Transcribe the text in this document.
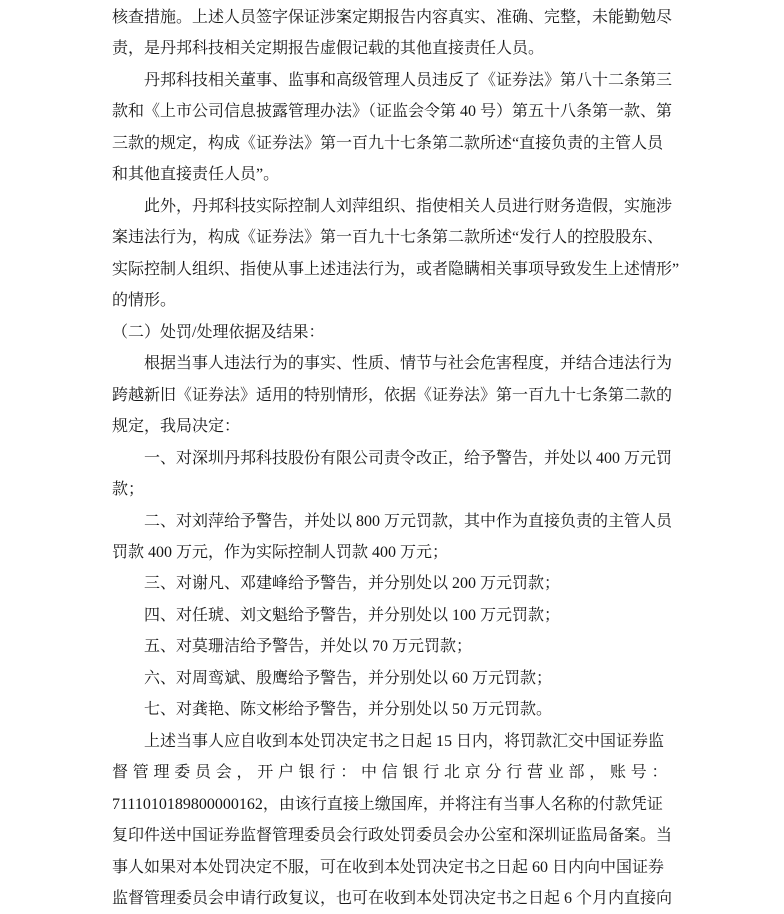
核查措施。上述人员签字保证涉案定期报告内容真实、准确、完整，未能勤勉尽
责，是丹邦科技相关定期报告虚假记载的其他直接责任人员。
丹邦科技相关董事、监事和高级管理人员违反了《证券法》第八十二条第三
款和《上市公司信息披露管理办法》（证监会令第 40 号）第五十八条第一款、第
三款的规定，构成《证券法》第一百九十七条第二款所述“直接负责的主管人员
和其他直接责任人员”。
此外，丹邦科技实际控制人刘萍组织、指使相关人员进行财务造假，实施涉
案违法行为，构成《证券法》第一百九十七条第二款所述“发行人的控股股东、
实际控制人组织、指使从事上述违法行为，或者隐瞒相关事项导致发生上述情形”
的情形。
（二）处罚/处理依据及结果：
根据当事人违法行为的事实、性质、情节与社会危害程度，并结合违法行为
跨越新旧《证券法》适用的特别情形，依据《证券法》第一百九十七条第二款的
规定，我局决定：
一、对深圳丹邦科技股份有限公司责令改正，给予警告，并处以 400 万元罚
款；
二、对刘萍给予警告，并处以 800 万元罚款，其中作为直接负责的主管人员
罚款 400 万元，作为实际控制人罚款 400 万元；
三、对谢凡、邓建峰给予警告，并分别处以 200 万元罚款；
四、对任琥、刘文魁给予警告，并分别处以 100 万元罚款；
五、对莫珊洁给予警告，并处以 70 万元罚款；
六、对周鸾斌、殷鹰给予警告，并分别处以 60 万元罚款；
七、对龚艳、陈文彬给予警告，并分别处以 50 万元罚款。
上述当事人应自收到本处罚决定书之日起 15 日内，将罚款汇交中国证券监
督管理委员会，开户银行：中信银行北京分行营业部，账号：
7111010189800000162，由该行直接上缴国库，并将注有当事人名称的付款凭证
复印件送中国证券监督管理委员会行政处罚委员会办公室和深圳证监局备案。当
事人如果对本处罚决定不服，可在收到本处罚决定书之日起 60 日内向中国证券
监督管理委员会申请行政复议，也可在收到本处罚决定书之日起 6 个月内直接向
